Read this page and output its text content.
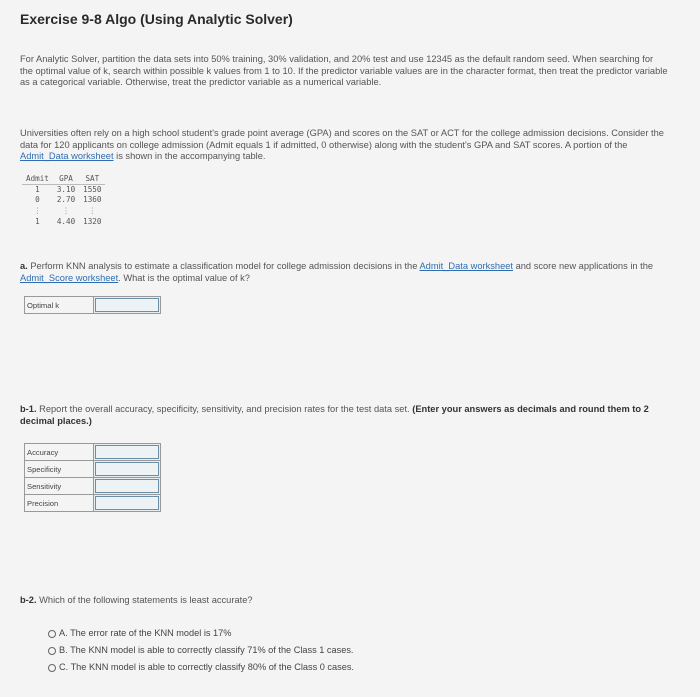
Exercise 9-8 Algo (Using Analytic Solver)
For Analytic Solver, partition the data sets into 50% training, 30% validation, and 20% test and use 12345 as the default random seed. When searching for the optimal value of k, search within possible k values from 1 to 10. If the predictor variable values are in the character format, then treat the predictor variable as a categorical variable. Otherwise, treat the predictor variable as a numerical variable.
Universities often rely on a high school student's grade point average (GPA) and scores on the SAT or ACT for the college admission decisions. Consider the data for 120 applicants on college admission (Admit equals 1 if admitted, 0 otherwise) along with the student's GPA and SAT scores. A portion of the Admit_Data worksheet is shown in the accompanying table.
Admit	GPA	SAT
1	3.10	1550
0	2.70	1360
⋮	⋮	⋮
1	4.40	1320
a. Perform KNN analysis to estimate a classification model for college admission decisions in the Admit_Data worksheet and score new applications in the Admit_Score worksheet. What is the optimal value of k?
Optimal k	
b-1. Report the overall accuracy, specificity, sensitivity, and precision rates for the test data set. (Enter your answers as decimals and round them to 2 decimal places.)
Accuracy	

Specificity	

Sensitivity	

Precision	
b-2. Which of the following statements is least accurate?
A. The error rate of the KNN model is 17%
B. The KNN model is able to correctly classify 71% of the Class 1 cases.
C. The KNN model is able to correctly classify 80% of the Class 0 cases.
